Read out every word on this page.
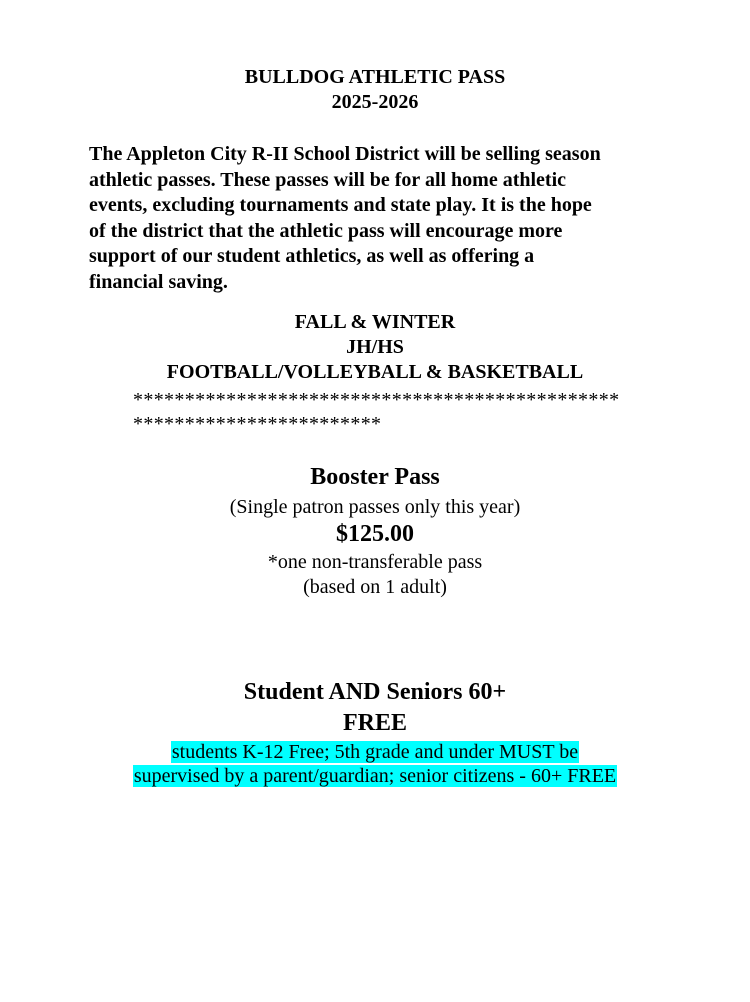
BULLDOG ATHLETIC PASS
2025-2026
The Appleton City R-II School District will be selling season
athletic passes. These passes will be for all home athletic
events, excluding tournaments and state play. It is the hope
of the district that the athletic pass will encourage more
support of our student athletics, as well as offering a
financial saving.
FALL & WINTER
JH/HS
FOOTBALL/VOLLEYBALL & BASKETBALL
***********************************************
************************
Booster Pass
(Single patron passes only this year)
$125.00
*one non-transferable pass
(based on 1 adult)
Student AND Seniors 60+
FREE
students K-12 Free; 5th grade and under MUST be
supervised by a parent/guardian; senior citizens - 60+ FREE
